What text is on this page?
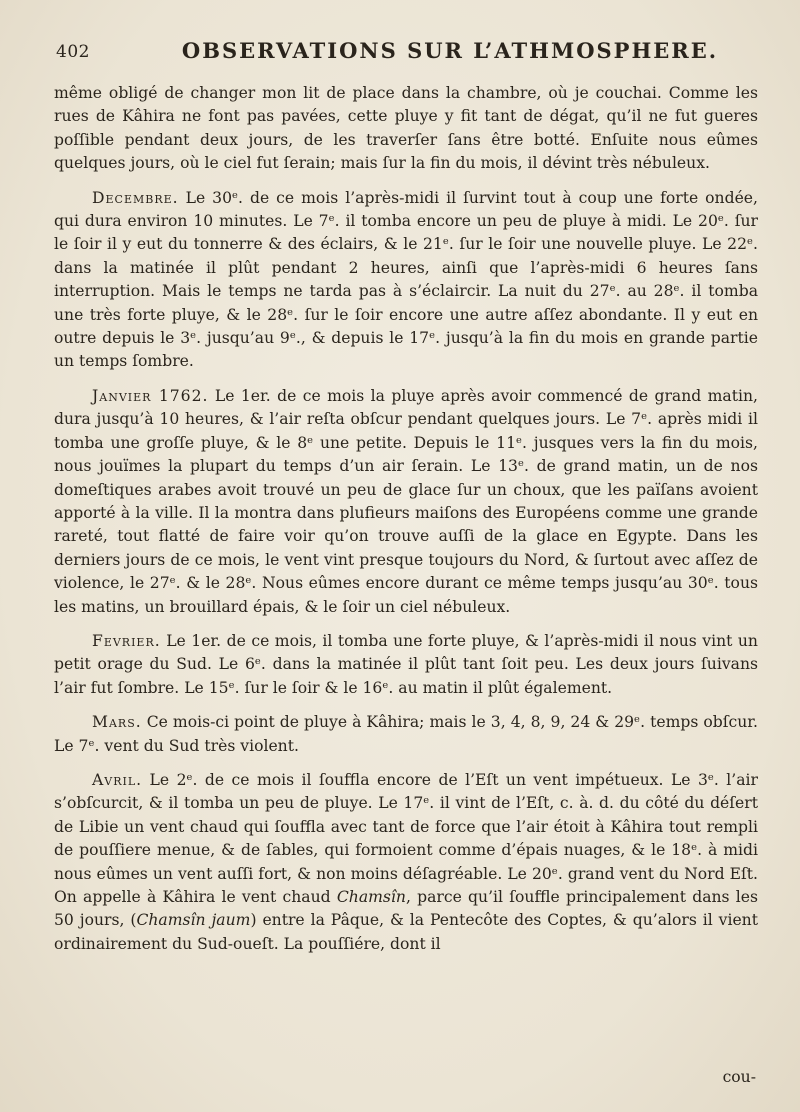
402	OBSERVATIONS SUR L’ATHMOSPHERE.

même obligé de changer mon lit de place dans la chambre, où je couchai. Comme les rues de Kâhira ne font pas pavées, cette pluye y fit tant de dégat, qu’il ne fut gueres poſſible pendant deux jours, de les traverſer ſans être botté. Enſuite nous eûmes quelques jours, où le ciel fut ſerain; mais ſur la fin du mois, il dévint très nébuleux.

Decembre. Le 30ᵉ. de ce mois l’après-midi il ſurvint tout à coup une forte ondée, qui dura environ 10 minutes. Le 7ᵉ. il tomba encore un peu de pluye à midi. Le 20ᵉ. ſur le ſoir il y eut du tonnerre & des éclairs, & le 21ᵉ. ſur le ſoir une nouvelle pluye. Le 22ᵉ. dans la matinée il plût pendant 2 heures, ainſi que l’après-midi 6 heures ſans interruption. Mais le temps ne tarda pas à s’éclaircir. La nuit du 27ᵉ. au 28ᵉ. il tomba une très forte pluye, & le 28ᵉ. ſur le ſoir encore une autre aſſez abondante. Il y eut en outre depuis le 3ᵉ. jusqu’au 9ᵉ., & depuis le 17ᵉ. jusqu’à la fin du mois en grande partie un temps ſombre.

Janvier 1762. Le 1er. de ce mois la pluye après avoir commencé de grand matin, dura jusqu’à 10 heures, & l’air reſta obſcur pendant quelques jours. Le 7ᵉ. après midi il tomba une groſſe pluye, & le 8ᵉ une petite. Depuis le 11ᵉ. jusques vers la fin du mois, nous jouïmes la plupart du temps d’un air ſerain. Le 13ᵉ. de grand matin, un de nos domeſtiques arabes avoit trouvé un peu de glace ſur un choux, que les païſans avoient apporté à la ville. Il la montra dans plufieurs maiſons des Européens comme une grande rareté, tout flatté de faire voir qu’on trouve auſſi de la glace en Egypte. Dans les derniers jours de ce mois, le vent vint presque toujours du Nord, & ſurtout avec aſſez de violence, le 27ᵉ. & le 28ᵉ. Nous eûmes encore durant ce même temps jusqu’au 30ᵉ. tous les matins, un brouillard épais, & le ſoir un ciel nébuleux.

Fevrier. Le 1er. de ce mois, il tomba une forte pluye, & l’après-midi il nous vint un petit orage du Sud. Le 6ᵉ. dans la matinée il plût tant ſoit peu. Les deux jours ſuivans l’air fut ſombre. Le 15ᵉ. ſur le ſoir & le 16ᵉ. au matin il plût également.

Mars. Ce mois-ci point de pluye à Kâhira; mais le 3, 4, 8, 9, 24 & 29ᵉ. temps obſcur. Le 7ᵉ. vent du Sud très violent.

Avril. Le 2ᵉ. de ce mois il ſouffla encore de l’Eſt un vent impétueux. Le 3ᵉ. l’air s’obſcurcit, & il tomba un peu de pluye. Le 17ᵉ. il vint de l’Eſt, c. à. d. du côté du déſert de Libie un vent chaud qui ſouffla avec tant de force que l’air étoit à Kâhira tout rempli de pouſſiere menue, & de ſables, qui formoient comme d’épais nuages, & le 18ᵉ. à midi nous eûmes un vent auſſi fort, & non moins déſagréable. Le 20ᵉ. grand vent du Nord Eſt. On appelle à Kâhira le vent chaud Chamsîn, parce qu’il ſouffle principalement dans les 50 jours, (Chamsîn jaum) entre la Pâque, & la Pentecôte des Coptes, & qu’alors il vient ordinairement du Sud-oueſt. La pouſſiére, dont il

cou-
